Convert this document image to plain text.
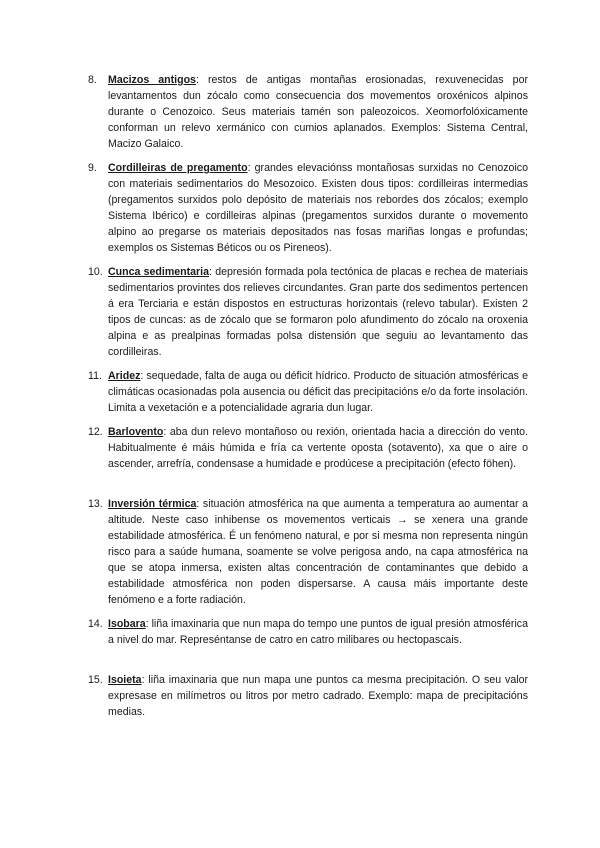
8.	Macizos antigos: restos de antigas montañas erosionadas, rexuvenecidas por levantamentos dun zócalo como consecuencia dos movementos oroxénicos alpinos durante o Cenozoico. Seus materiais tamén son paleozoicos. Xeomorfolóxicamente conforman un relevo xermánico con cumios aplanados. Exemplos: Sistema Central, Macizo Galaico.
9.	Cordilleiras de pregamento: grandes elevaciónss montañosas surxidas no Cenozoico con materiais sedimentarios do Mesozoico. Existen dous tipos: cordilleiras intermedias (pregamentos surxidos polo depósito de materiais nos rebordes dos zócalos; exemplo Sistema Ibérico) e cordilleiras alpinas (pregamentos surxidos durante o movemento alpino ao pregarse os materiais depositados nas fosas mariñas longas e profundas; exemplos os Sistemas Béticos ou os Pireneos).
10. Cunca sedimentaria: depresión formada pola tectónica de placas e rechea de materiais sedimentarios provintes dos relieves circundantes. Gran parte dos sedimentos pertencen á era Terciaria e están dispostos en estructuras horizontais (relevo tabular). Existen 2 tipos de cuncas: as de zócalo que se formaron polo afundimento do zócalo na oroxenia alpina e as prealpinas formadas polsa distensión que seguiu ao levantamento das cordilleiras.
11. Aridez: sequedade, falta de auga ou déficit hídrico. Producto de situación atmosféricas e climáticas ocasionadas pola ausencia ou déficit das precipitacións e/o da forte insolación. Limita a vexetación e a potencialidade agraria dun lugar.
12. Barlovento: aba dun relevo montañoso ou rexión, orientada hacia a dirección do vento. Habitualmente é máis húmida e fría ca vertente oposta (sotavento), xa que o aire o ascender, arrefría, condensase a humidade e prodúcese a precipitación (efecto föhen).
13. Inversión térmica: situación atmosférica na que aumenta a temperatura ao aumentar a altitude. Neste caso inhibense os movementos verticais → se xenera una grande estabilidade atmosférica. É un fenómeno natural, e por si mesma non representa ningún risco para a saúde humana, soamente se volve perigosa ando, na capa atmosférica na que se atopa inmersa, existen altas concentración de contaminantes que debido a estabilidade atmosférica non poden dispersarse. A causa máis importante deste fenómeno e a forte radiación.
14. Isobara: liña imaxinaria que nun mapa do tempo une puntos de igual presión atmosférica a nivel do mar. Represéntanse de catro en catro milibares ou hectopascais.
15. Isoieta: liña imaxinaria que nun mapa une puntos ca mesma precipitación. O seu valor expresase en milímetros ou litros por metro cadrado. Exemplo: mapa de precipitacións medias.
